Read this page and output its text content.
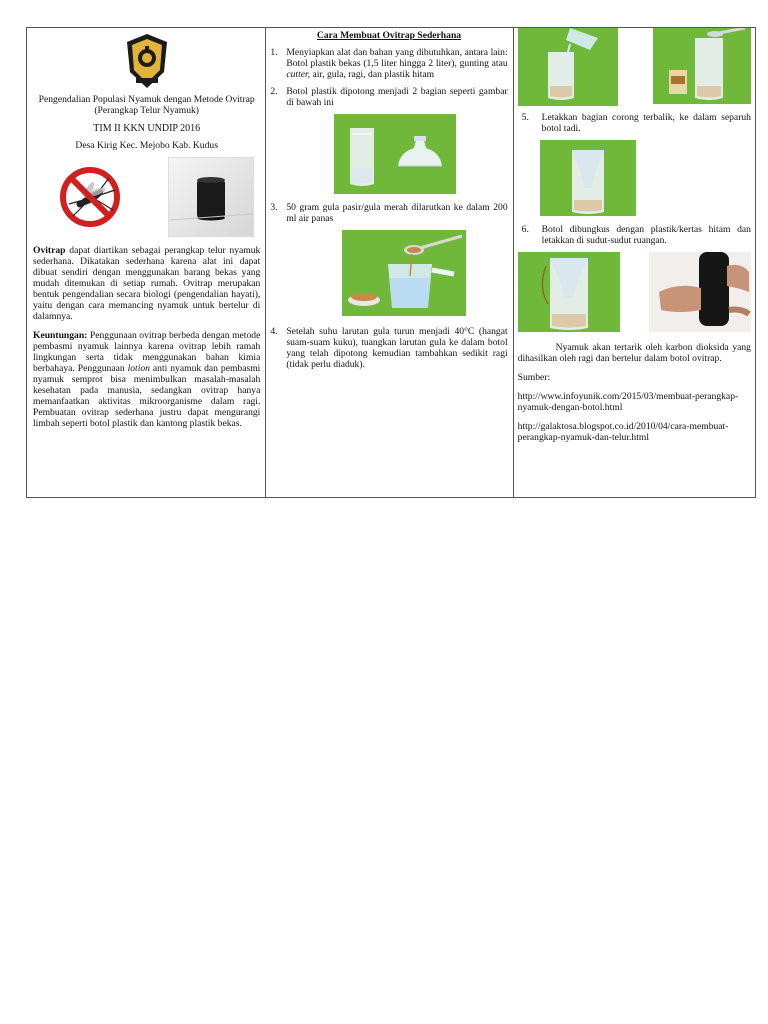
Pengendalian Populasi Nyamuk dengan Metode Ovitrap (Perangkap Telur Nyamuk)
TIM II KKN UNDIP 2016
Desa Kirig Kec. Mejobo Kab. Kudus

Ovitrap dapat diartikan sebagai perangkap telur nyamuk sederhana. Dikatakan sederhana karena alat ini dapat dibuat sendiri dengan menggunakan barang bekas yang mudah ditemukan di setiap rumah. Ovitrap merupakan bentuk pengendalian secara biologi (pengendalian hayati), yaitu dengan cara memancing nyamuk untuk bertelur di dalamnya.

Keuntungan: Penggunaan ovitrap berbeda dengan metode pembasmi nyamuk lainnya karena ovitrap lebih ramah lingkungan serta tidak menggunakan bahan kimia berbahaya. Penggunaan lotion anti nyamuk dan pembasmi nyamuk semprot bisa menimbulkan masalah-masalah kesehatan pada manusia, sedangkan ovitrap hanya memanfaatkan aktivitas mikroorganisme dalam ragi. Pembuatan ovitrap sederhana justru dapat mengurangi limbah seperti botol plastik dan kantong plastik bekas.

Cara Membuat Ovitrap Sederhana
1. Menyiapkan alat dan bahan yang dibutuhkan, antara lain: Botol plastik bekas (1,5 liter hingga 2 liter), gunting atau cutter, air, gula, ragi, dan plastik hitam
2. Botol plastik dipotong menjadi 2 bagian seperti gambar di bawah ini
3. 50 gram gula pasir/gula merah dilarutkan ke dalam 200 ml air panas
4. Setelah suhu larutan gula turun menjadi 40°C (hangat suam-suam kuku), tuangkan larutan gula ke dalam botol yang telah dipotong kemudian tambahkan sedikit ragi (tidak perlu diaduk).
5.	Letakkan bagian corong terbalik, ke dalam separuh botol tadi.
6.	Botol dibungkus dengan plastik/kertas hitam dan letakkan di sudut-sudut ruangan.

Nyamuk akan tertarik oleh karbon dioksida yang dihasilkan oleh ragi dan bertelur dalam botol ovitrap.

Sumber:
http://www.infoyunik.com/2015/03/membuat-perangkap-nyamuk-dengan-botol.html
http://galaktosa.blogspot.co.id/2010/04/cara-membuat-perangkap-nyamuk-dan-telur.html
